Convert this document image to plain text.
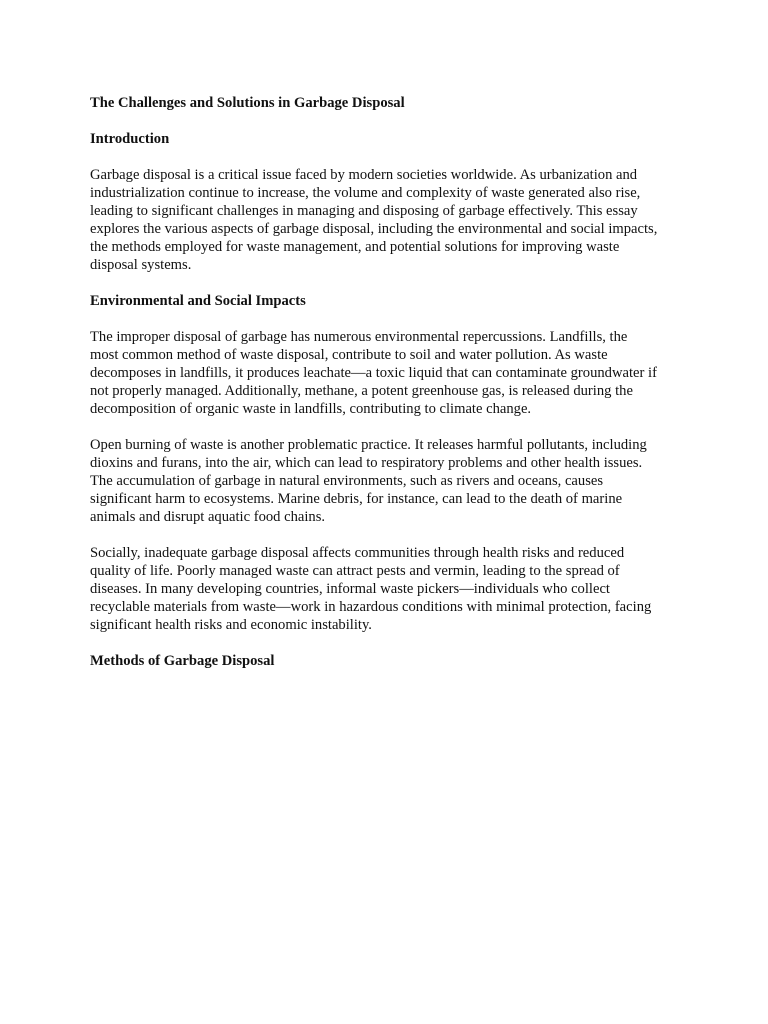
The Challenges and Solutions in Garbage Disposal
Introduction

Garbage disposal is a critical issue faced by modern societies worldwide. As urbanization and
industrialization continue to increase, the volume and complexity of waste generated also rise,
leading to significant challenges in managing and disposing of garbage effectively. This essay
explores the various aspects of garbage disposal, including the environmental and social impacts,
the methods employed for waste management, and potential solutions for improving waste
disposal systems.

Environmental and Social Impacts

The improper disposal of garbage has numerous environmental repercussions. Landfills, the
most common method of waste disposal, contribute to soil and water pollution. As waste
decomposes in landfills, it produces leachate—a toxic liquid that can contaminate groundwater if
not properly managed. Additionally, methane, a potent greenhouse gas, is released during the
decomposition of organic waste in landfills, contributing to climate change.

Open burning of waste is another problematic practice. It releases harmful pollutants, including
dioxins and furans, into the air, which can lead to respiratory problems and other health issues.
The accumulation of garbage in natural environments, such as rivers and oceans, causes
significant harm to ecosystems. Marine debris, for instance, can lead to the death of marine
animals and disrupt aquatic food chains.

Socially, inadequate garbage disposal affects communities through health risks and reduced
quality of life. Poorly managed waste can attract pests and vermin, leading to the spread of
diseases. In many developing countries, informal waste pickers—individuals who collect
recyclable materials from waste—work in hazardous conditions with minimal protection, facing
significant health risks and economic instability.

Methods of Garbage Disposal
